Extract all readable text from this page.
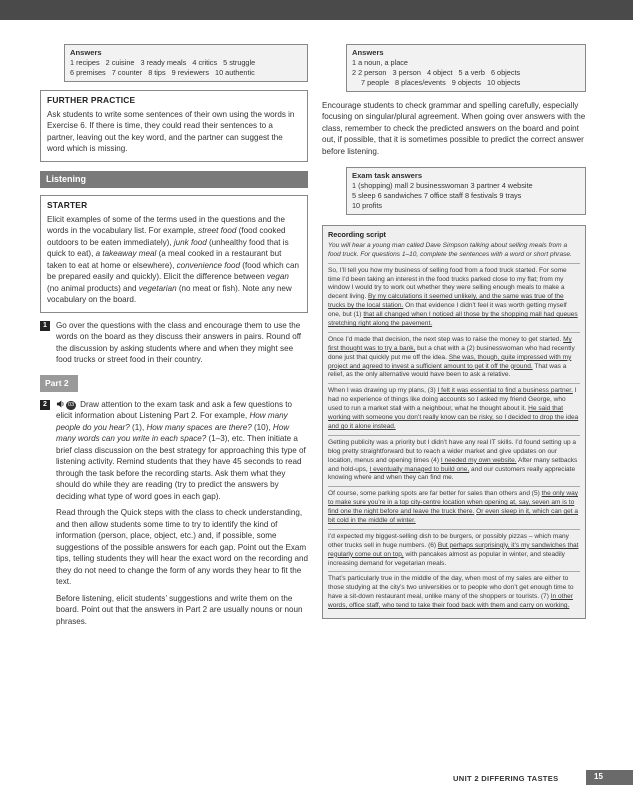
Answers
1 recipes 2 cuisine 3 ready meals 4 critics 5 struggle
6 premises 7 counter 8 tips 9 reviewers 10 authentic
FURTHER PRACTICE
Ask students to write some sentences of their own using the words in Exercise 6. If there is time, they could read their sentences to a partner, leaving out the key word, and the partner can suggest the word which is missing.
Listening
STARTER
Elicit examples of some of the terms used in the questions and the words in the vocabulary list. For example, street food (food cooked outdoors to be eaten immediately), junk food (unhealthy food that is quick to eat), a takeaway meal (a meal cooked in a restaurant but taken to eat at home or elsewhere), convenience food (food which can be prepared easily and quickly). Elicit the difference between vegan (no animal products) and vegetarian (no meat or fish). Note any new vocabulary on the board.
1	Go over the questions with the class and encourage them to use the words on the board as they discuss their answers in pairs. Round off the discussion by asking students where and when they might see food trucks or street food in their country.
Part 2
2	03 Draw attention to the exam task and ask a few questions to elicit information about Listening Part 2. For example, How many people do you hear? (1), How many spaces are there? (10), How many words can you write in each space? (1–3), etc. Then initiate a brief class discussion on the best strategy for approaching this type of listening activity. Remind students that they have 45 seconds to read through the task before the recording starts. Ask them what they should do while they are reading (try to predict the answers by deciding what type of word goes in each gap).

Read through the Quick steps with the class to check understanding, and then allow students some time to try to identify the kind of information (person, place, object, etc.) and, if possible, some suggestions of the possible answers for each gap. Point out the Exam tips, telling students they will hear the exact word on the recording and they do not need to change the form of any words they hear to fit the text.

Before listening, elicit students’ suggestions and write them on the board. Point out that the answers in Part 2 are usually nouns or noun phrases.

Answers
1 a noun, a place
2 2 person 3 person 4 object 5 a verb 6 objects
7 people 8 places/events 9 objects 10 objects
Encourage students to check grammar and spelling carefully, especially focusing on singular/plural agreement. When going over answers with the class, remember to check the predicted answers on the board and point out, if possible, that it is sometimes possible to predict the correct answer before listening.
Exam task answers
1 (shopping) mall 2 businesswoman 3 partner 4 website
5 sleep 6 sandwiches 7 office staff 8 festivals 9 trays
10 profits
Recording script
You will hear a young man called Dave Simpson talking about selling meals from a food truck. For questions 1–10, complete the sentences with a word or short phrase.

So, I’ll tell you how my business of selling food from a food truck started. For some time I’d been taking an interest in the food trucks parked close to my flat; from my window I would try to work out whether they were selling enough meals to make a decent living. By my calculations it seemed unlikely, and the same was true of the trucks by the local station. On that evidence I didn’t feel it was worth getting myself one, but (1) that all changed when I noticed all those by the shopping mall had queues stretching right along the pavement.

Once I’d made that decision, the next step was to raise the money to get started. My first thought was to try a bank, but a chat with a (2) businesswoman who had recently done just that quickly put me off the idea. She was, though, quite impressed with my project and agreed to invest a sufficient amount to get it off the ground. That was a relief, as the only alternative would have been to ask a relative.

When I was drawing up my plans, (3) I felt it was essential to find a business partner. I had no experience of things like doing accounts so I asked my friend George, who used to run a market stall with a neighbour, what he thought about it. He said that working with someone you don’t really know can be risky, so I decided to drop the idea and go it alone instead.

Getting publicity was a priority but I didn’t have any real IT skills. I’d found setting up a blog pretty straightforward but to reach a wider market and give updates on our location, menus and opening times (4) I needed my own website. After many setbacks and hold-ups, I eventually managed to build one, and our customers really appreciate knowing where and when they can find me.

Of course, some parking spots are far better for sales than others and (5) the only way to make sure you’re in a top city-centre location when opening at, say, seven am is to find one the night before and leave the truck there. Or even sleep in it, which can get a bit cold in the middle of winter.

I’d expected my biggest-selling dish to be burgers, or possibly pizzas – which many other trucks sell in huge numbers. (6) But perhaps surprisingly, it’s my sandwiches that regularly come out on top, with pancakes almost as popular in winter, and steadily increasing demand for vegetarian meals.

That’s particularly true in the middle of the day, when most of my sales are either to those studying at the city’s two universities or to people who don’t get enough time to have a sit-down restaurant meal, unlike many of the shoppers or tourists. (7) In other words, office staff, who tend to take their food back with them and carry on working.

UNIT 2 DIFFERING TASTES	15
